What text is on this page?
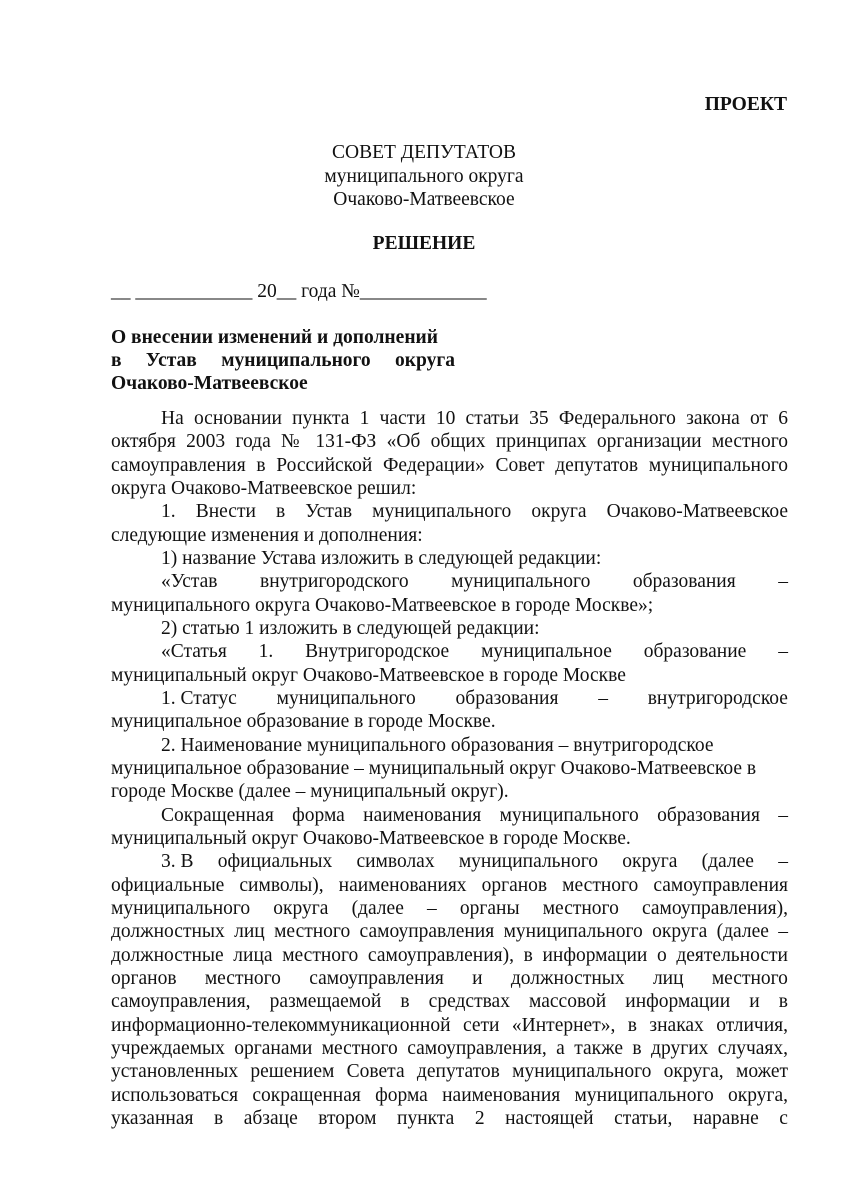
ПРОЕКТ
СОВЕТ ДЕПУТАТОВ
муниципального округа
Очаково-Матвеевское
РЕШЕНИЕ
__ ____________ 20__ года №_____________
О внесении изменений и дополнений
в Устав муниципального округа
Очаково-Матвеевское
На основании пункта 1 части 10 статьи 35 Федерального закона от 6
октября 2003 года № 131-ФЗ «Об общих принципах организации местного
самоуправления в Российской Федерации» Совет депутатов муниципального
округа Очаково-Матвеевское решил:
1. Внести в Устав муниципального округа Очаково-Матвеевское
следующие изменения и дополнения:
1) название Устава изложить в следующей редакции:
«Устав внутригородского муниципального образования –
муниципального округа Очаково-Матвеевское в городе Москве»;
2) статью 1 изложить в следующей редакции:
«Статья 1. Внутригородское муниципальное образование –
муниципальный округ Очаково-Матвеевское в городе Москве
1. Статус муниципального образования – внутригородское
муниципальное образование в городе Москве.
2. Наименование муниципального образования – внутригородское
муниципальное образование – муниципальный округ Очаково-Матвеевское в
городе Москве (далее – муниципальный округ).
Сокращенная форма наименования муниципального образования –
муниципальный округ Очаково-Матвеевское в городе Москве.
3. В официальных символах муниципального округа (далее –
официальные символы), наименованиях органов местного самоуправления
муниципального округа (далее – органы местного самоуправления),
должностных лиц местного самоуправления муниципального округа (далее –
должностные лица местного самоуправления), в информации о деятельности
органов местного самоуправления и должностных лиц местного
самоуправления, размещаемой в средствах массовой информации и в
информационно-телекоммуникационной сети «Интернет», в знаках отличия,
учреждаемых органами местного самоуправления, а также в других случаях,
установленных решением Совета депутатов муниципального округа, может
использоваться сокращенная форма наименования муниципального округа,
указанная в абзаце втором пункта 2 настоящей статьи, наравне с
